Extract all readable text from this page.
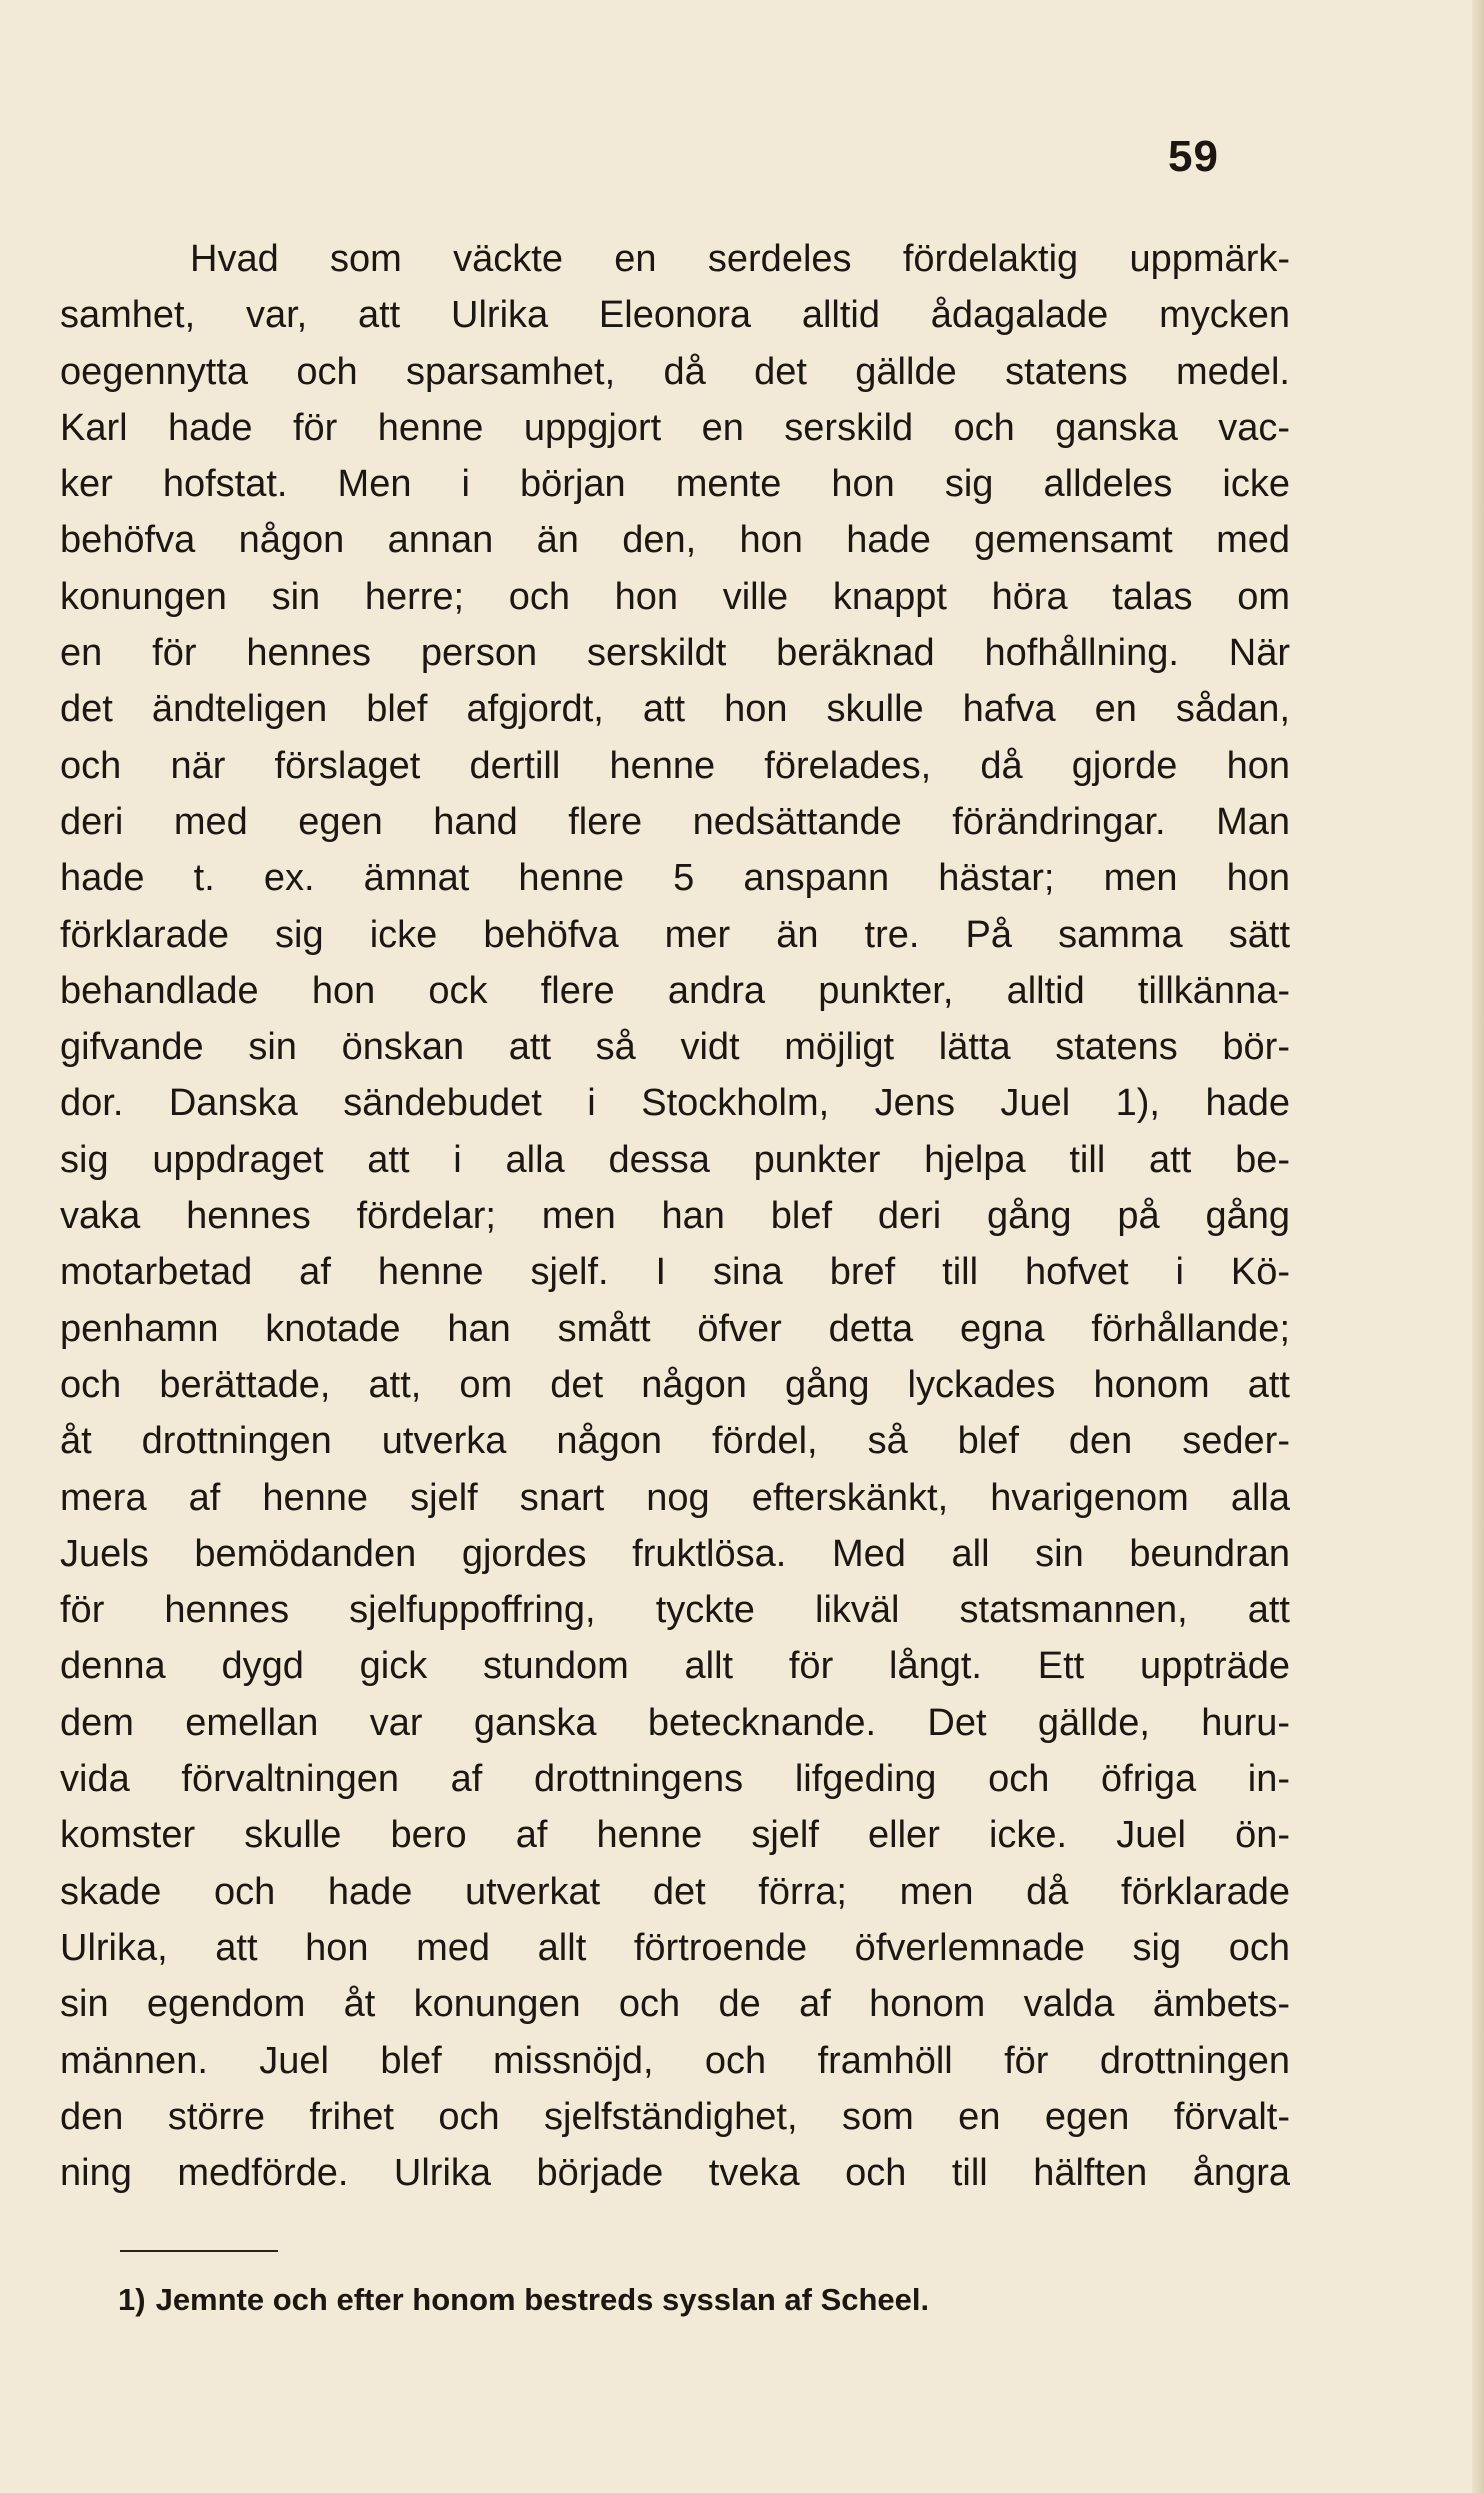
59
Hvad som väckte en serdeles fördelaktig uppmärk-
samhet, var, att Ulrika Eleonora alltid ådagalade mycken
oegennytta och sparsamhet, då det gällde statens medel.
Karl hade för henne uppgjort en serskild och ganska vac-
ker hofstat. Men i början mente hon sig alldeles icke
behöfva någon annan än den, hon hade gemensamt med
konungen sin herre; och hon ville knappt höra talas om
en för hennes person serskildt beräknad hofhållning. När
det ändteligen blef afgjordt, att hon skulle hafva en sådan,
och när förslaget dertill henne förelades, då gjorde hon
deri med egen hand flere nedsättande förändringar. Man
hade t. ex. ämnat henne 5 anspann hästar; men hon
förklarade sig icke behöfva mer än tre. På samma sätt
behandlade hon ock flere andra punkter, alltid tillkänna-
gifvande sin önskan att så vidt möjligt lätta statens bör-
dor. Danska sändebudet i Stockholm, Jens Juel 1), hade
sig uppdraget att i alla dessa punkter hjelpa till att be-
vaka hennes fördelar; men han blef deri gång på gång
motarbetad af henne sjelf. I sina bref till hofvet i Kö-
penhamn knotade han smått öfver detta egna förhållande;
och berättade, att, om det någon gång lyckades honom att
åt drottningen utverka någon fördel, så blef den seder-
mera af henne sjelf snart nog efterskänkt, hvarigenom alla
Juels bemödanden gjordes fruktlösa. Med all sin beundran
för hennes sjelfuppoffring, tyckte likväl statsmannen, att
denna dygd gick stundom allt för långt. Ett uppträde
dem emellan var ganska betecknande. Det gällde, huru-
vida förvaltningen af drottningens lifgeding och öfriga in-
komster skulle bero af henne sjelf eller icke. Juel ön-
skade och hade utverkat det förra; men då förklarade
Ulrika, att hon med allt förtroende öfverlemnade sig och
sin egendom åt konungen och de af honom valda ämbets-
männen. Juel blef missnöjd, och framhöll för drottningen
den större frihet och sjelfständighet, som en egen förvalt-
ning medförde. Ulrika började tveka och till hälften ångra
1) Jemnte och efter honom bestreds sysslan af Scheel.
